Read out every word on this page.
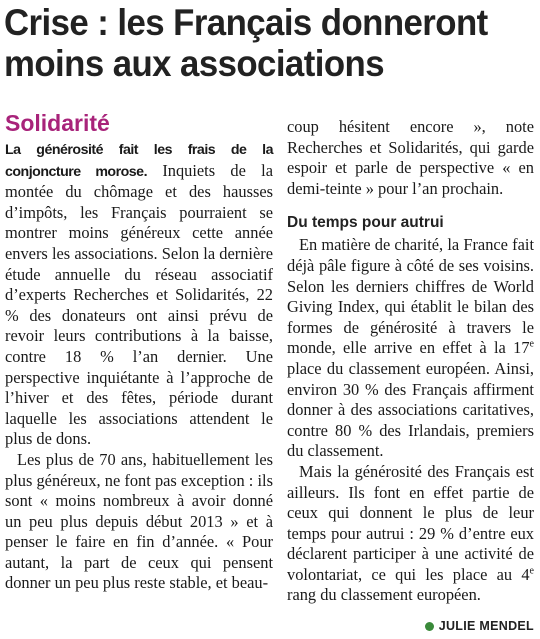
Crise : les Français donneront
moins aux associations
Solidarité

La générosité fait les frais de la conjoncture morose. Inquiets de la montée du chômage et des hausses d’impôts, les Français pourraient se montrer moins généreux cette année envers les associations. Selon la dernière étude annuelle du réseau associatif d’experts Recherches et Solidarités, 22 % des donateurs ont ainsi prévu de revoir leurs contributions à la baisse, contre 18 % l’an dernier. Une perspective inquiétante à l’approche de l’hiver et des fêtes, période durant laquelle les associations attendent le plus de dons.

Les plus de 70 ans, habituellement les plus généreux, ne font pas exception : ils sont « moins nombreux à avoir donné un peu plus depuis début 2013 » et à penser le faire en fin d’année. « Pour autant, la part de ceux qui pensent donner un peu plus reste stable, et beau-

coup hésitent encore », note Recherches et Solidarités, qui garde espoir et parle de perspective « en demi-teinte » pour l’an prochain.

Du temps pour autrui

En matière de charité, la France fait déjà pâle figure à côté de ses voisins. Selon les derniers chiffres de World Giving Index, qui établit le bilan des formes de générosité à travers le monde, elle arrive en effet à la 17e place du classement européen. Ainsi, environ 30 % des Français affirment donner à des associations caritatives, contre 80 % des Irlandais, premiers du classement.

Mais la générosité des Français est ailleurs. Ils font en effet partie de ceux qui donnent le plus de leur temps pour autrui : 29 % d’entre eux déclarent participer à une activité de volontariat, ce qui les place au 4e rang du classement européen.

JULIE MENDEL
